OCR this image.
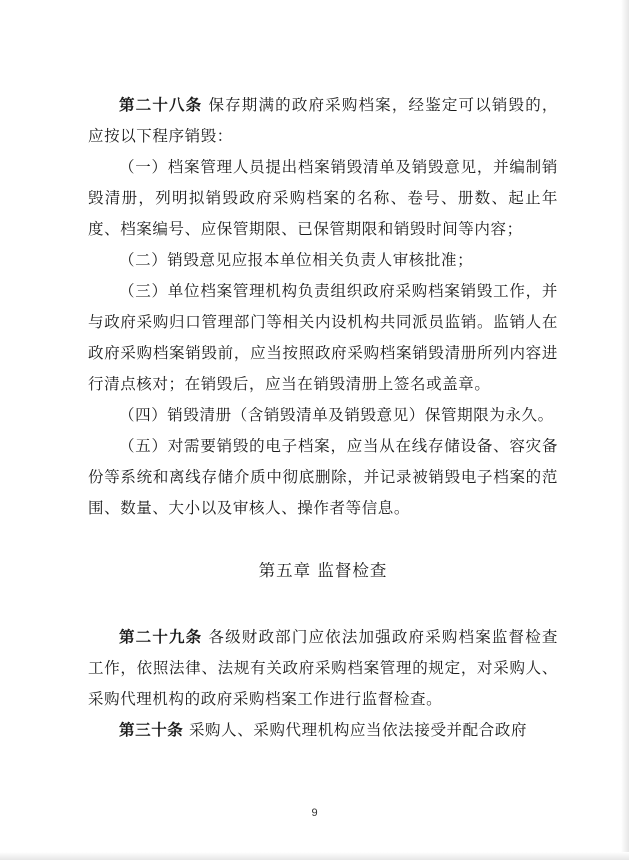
第二十八条 保存期满的政府采购档案，经鉴定可以销毁的，应按以下程序销毁：

（一）档案管理人员提出档案销毁清单及销毁意见，并编制销毁清册，列明拟销毁政府采购档案的名称、卷号、册数、起止年度、档案编号、应保管期限、已保管期限和销毁时间等内容；

（二）销毁意见应报本单位相关负责人审核批准；

（三）单位档案管理机构负责组织政府采购档案销毁工作，并与政府采购归口管理部门等相关内设机构共同派员监销。监销人在政府采购档案销毁前，应当按照政府采购档案销毁清册所列内容进行清点核对；在销毁后，应当在销毁清册上签名或盖章。

（四）销毁清册（含销毁清单及销毁意见）保管期限为永久。

（五）对需要销毁的电子档案，应当从在线存储设备、容灾备份等系统和离线存储介质中彻底删除，并记录被销毁电子档案的范围、数量、大小以及审核人、操作者等信息。

第五章 监督检查

第二十九条 各级财政部门应依法加强政府采购档案监督检查工作，依照法律、法规有关政府采购档案管理的规定，对采购人、采购代理机构的政府采购档案工作进行监督检查。

第三十条 采购人、采购代理机构应当依法接受并配合政府

9
